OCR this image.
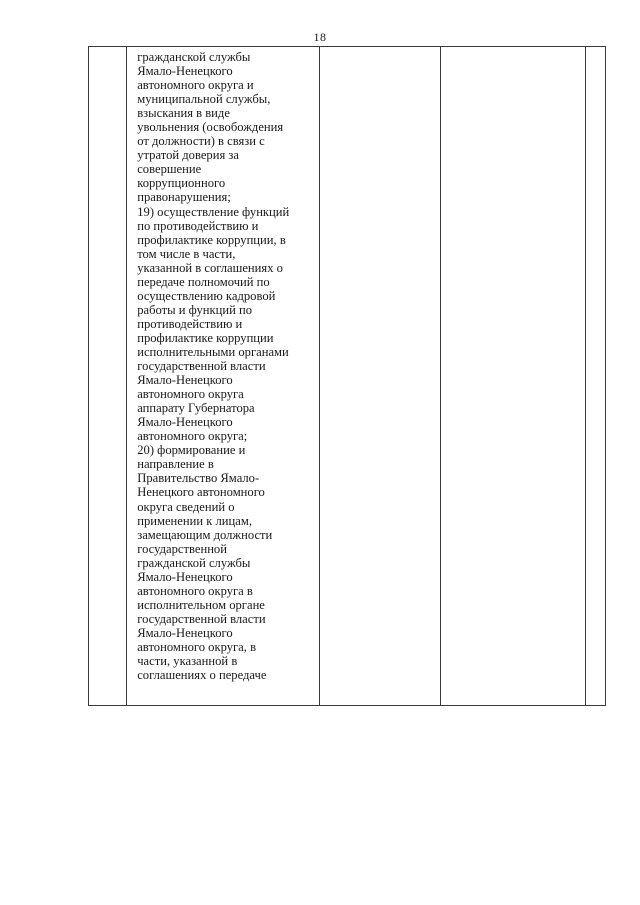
18

гражданской службы
Ямало-Ненецкого
автономного округа и
муниципальной службы,
взыскания в виде
увольнения (освобождения
от должности) в связи с
утратой доверия за
совершение
коррупционного
правонарушения;
19) осуществление функций
по противодействию и
профилактике коррупции, в
том числе в части,
указанной в соглашениях о
передаче полномочий по
осуществлению кадровой
работы и функций по
противодействию и
профилактике коррупции
исполнительными органами
государственной власти
Ямало-Ненецкого
автономного округа
аппарату Губернатора
Ямало-Ненецкого
автономного округа;
20) формирование и
направление в
Правительство Ямало-
Ненецкого автономного
округа сведений о
применении к лицам,
замещающим должности
государственной
гражданской службы
Ямало-Ненецкого
автономного округа в
исполнительном органе
государственной власти
Ямало-Ненецкого
автономного округа, в
части, указанной в
соглашениях о передаче
